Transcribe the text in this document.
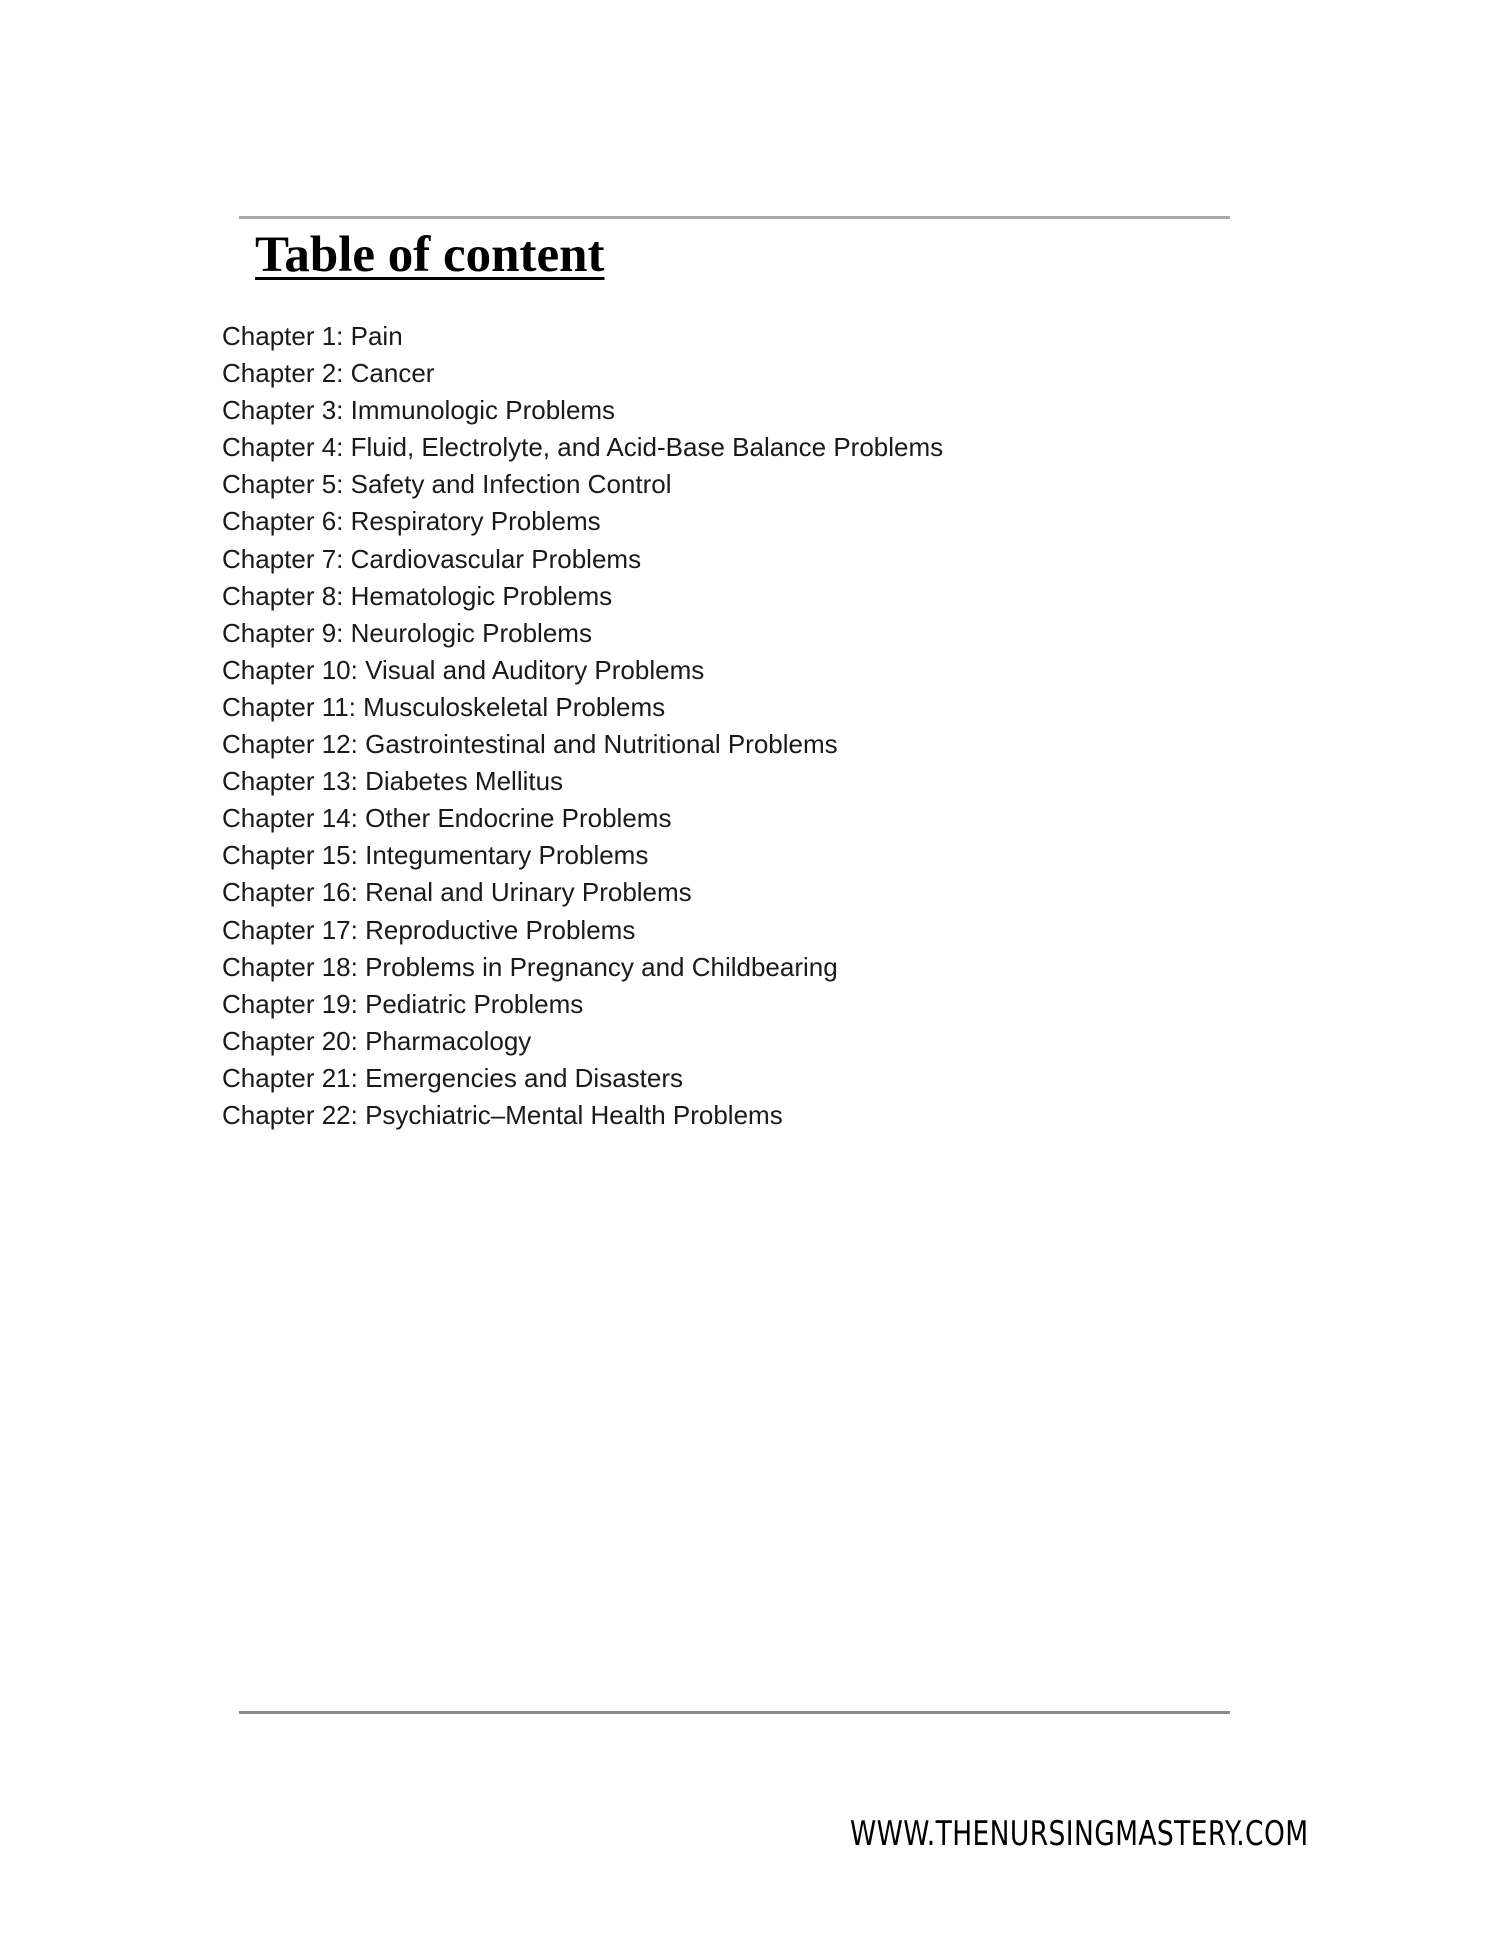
Table of content
Chapter 1: Pain
Chapter 2: Cancer
Chapter 3: Immunologic Problems
Chapter 4: Fluid, Electrolyte, and Acid-Base Balance Problems
Chapter 5: Safety and Infection Control
Chapter 6: Respiratory Problems
Chapter 7: Cardiovascular Problems
Chapter 8: Hematologic Problems
Chapter 9: Neurologic Problems
Chapter 10: Visual and Auditory Problems
Chapter 11: Musculoskeletal Problems
Chapter 12: Gastrointestinal and Nutritional Problems
Chapter 13: Diabetes Mellitus
Chapter 14: Other Endocrine Problems
Chapter 15: Integumentary Problems
Chapter 16: Renal and Urinary Problems
Chapter 17: Reproductive Problems
Chapter 18: Problems in Pregnancy and Childbearing
Chapter 19: Pediatric Problems
Chapter 20: Pharmacology
Chapter 21: Emergencies and Disasters
Chapter 22: Psychiatric–Mental Health Problems
WWW.THENURSINGMASTERY.COM
